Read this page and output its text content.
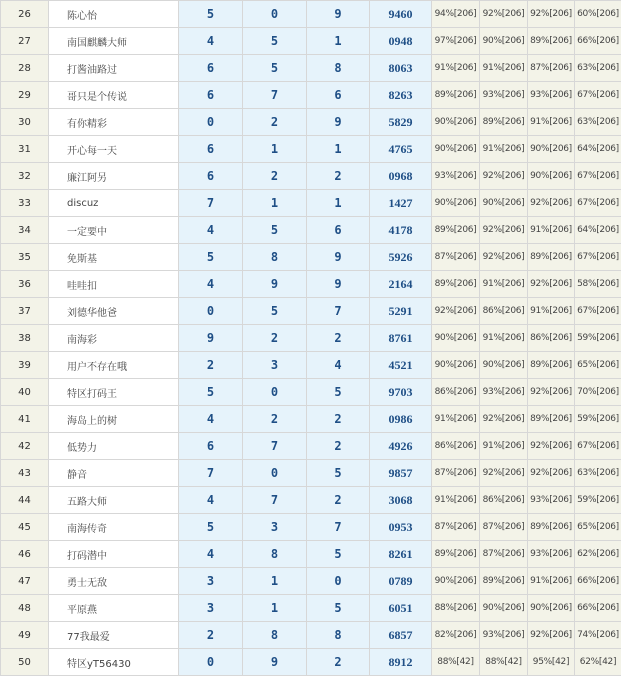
26	陈心怡	5	0	9	9460	94%[206]	92%[206]	92%[206]	60%[206]
27	南国麒麟大师	4	5	1	0948	97%[206]	90%[206]	89%[206]	66%[206]
28	打酱油路过	6	5	8	8063	91%[206]	91%[206]	87%[206]	63%[206]
29	哥只是个传说	6	7	6	8263	89%[206]	93%[206]	93%[206]	67%[206]
30	有你精彩	0	2	9	5829	90%[206]	89%[206]	91%[206]	63%[206]
31	开心每一天	6	1	1	4765	90%[206]	91%[206]	90%[206]	64%[206]
32	廉江阿另	6	2	2	0968	93%[206]	92%[206]	90%[206]	67%[206]
33	discuz	7	1	1	1427	90%[206]	90%[206]	92%[206]	67%[206]
34	一定要中	4	5	6	4178	89%[206]	92%[206]	91%[206]	64%[206]
35	免斯基	5	8	9	5926	87%[206]	92%[206]	89%[206]	67%[206]
36	哇哇扣	4	9	9	2164	89%[206]	91%[206]	92%[206]	58%[206]
37	刘德华他爸	0	5	7	5291	92%[206]	86%[206]	91%[206]	67%[206]
38	南海彩	9	2	2	8761	90%[206]	91%[206]	86%[206]	59%[206]
39	用户不存在哦	2	3	4	4521	90%[206]	90%[206]	89%[206]	65%[206]
40	特区打码王	5	0	5	9703	86%[206]	93%[206]	92%[206]	70%[206]
41	海岛上的树	4	2	2	0986	91%[206]	92%[206]	89%[206]	59%[206]
42	低势力	6	7	2	4926	86%[206]	91%[206]	92%[206]	67%[206]
43	静音	7	0	5	9857	87%[206]	92%[206]	92%[206]	63%[206]
44	五路大师	4	7	2	3068	91%[206]	86%[206]	93%[206]	59%[206]
45	南海传奇	5	3	7	0953	87%[206]	87%[206]	89%[206]	65%[206]
46	打码潜中	4	8	5	8261	89%[206]	87%[206]	93%[206]	62%[206]
47	勇士无敌	3	1	0	0789	90%[206]	89%[206]	91%[206]	66%[206]
48	平原燕	3	1	5	6051	88%[206]	90%[206]	90%[206]	66%[206]
49	77我最爱	2	8	8	6857	82%[206]	93%[206]	92%[206]	74%[206]
50	特区yT56430	0	9	2	8912	88%[42]	88%[42]	95%[42]	62%[42]
